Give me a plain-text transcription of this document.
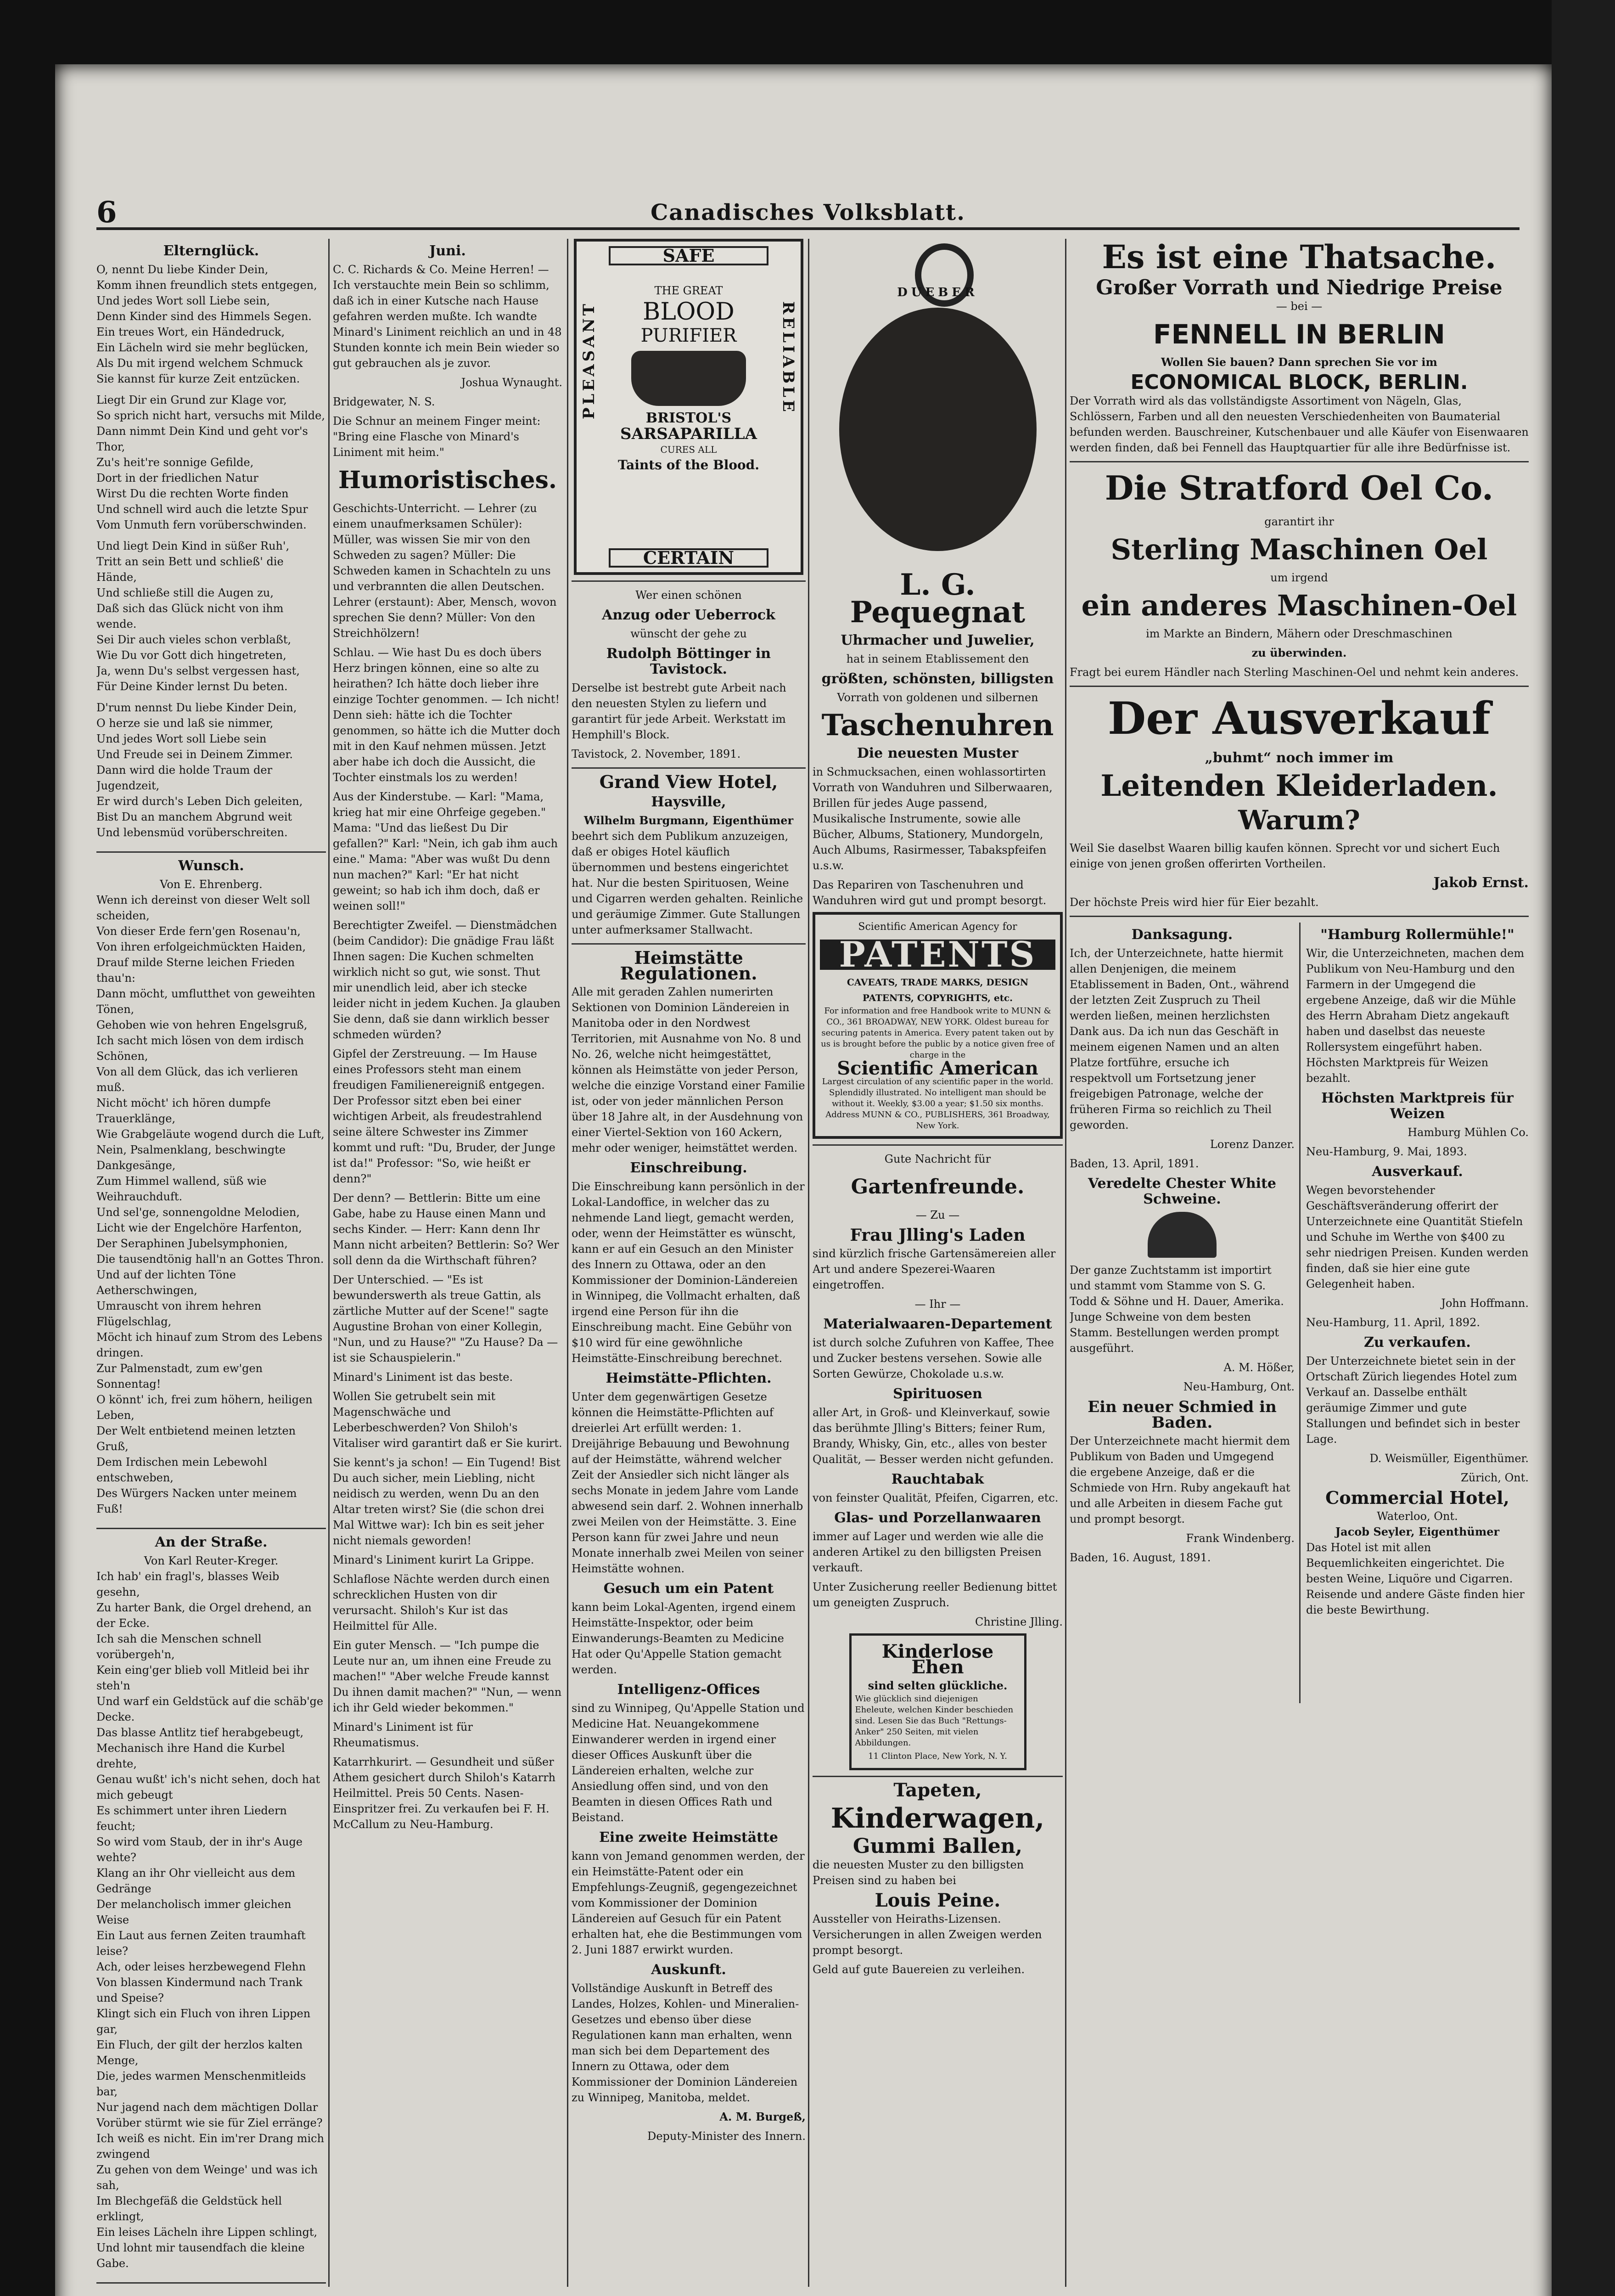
6	Canadisches Volksblatt.
Elternglück.
O, nennt Du liebe Kinder Dein,
Komm ihnen freundlich stets entgegen,
Und jedes Wort soll Liebe sein,
Denn Kinder sind des Himmels Segen.
Ein treues Wort, ein Händedruck,
Ein Lächeln wird sie mehr beglücken,
Als Du mit irgend welchem Schmuck
Sie kannst für kurze Zeit entzücken.
Liegt Dir ein Grund zur Klage vor,
So sprich nicht hart, versuchs mit Milde,
Dann nimmt Dein Kind und geht vor's Thor,
Zu's heit're sonnige Gefilde,
Dort in der friedlichen Natur
Wirst Du die rechten Worte finden
Und schnell wird auch die letzte Spur
Vom Unmuth fern vorüberschwinden.
Und liegt Dein Kind in süßer Ruh',
Tritt an sein Bett und schließ' die Hände,
Und schließe still die Augen zu,
Daß sich das Glück nicht von ihm wende.
Sei Dir auch vieles schon verblaßt,
Wie Du vor Gott dich hingetreten,
Ja, wenn Du's selbst vergessen hast,
Für Deine Kinder lernst Du beten.
D'rum nennst Du liebe Kinder Dein,
O herze sie und laß sie nimmer,
Und jedes Wort soll Liebe sein
Und Freude sei in Deinem Zimmer.
Dann wird die holde Traum der Jugendzeit,
Er wird durch's Leben Dich geleiten,
Bist Du an manchem Abgrund weit
Und lebensmüd vorüberschreiten.
Wunsch.
Von E. Ehrenberg.
Wenn ich dereinst von dieser Welt soll scheiden,
Von dieser Erde fern'gen Rosenau'n,
Von ihren erfolgeichmückten Haiden,
Drauf milde Sterne leichen Frieden thau'n:
Dann möcht, umflutthet von geweihten Tönen,
Gehoben wie von hehren Engelsgruß,
Ich sacht mich lösen von dem irdisch Schönen,
Von all dem Glück, das ich verlieren muß.
Nicht möcht' ich hören dumpfe Trauerklänge,
Wie Grabgeläute wogend durch die Luft,
Nein, Psalmenklang, beschwingte Dankgesänge,
Zum Himmel wallend, süß wie Weihrauchduft.
Und sel'ge, sonnengoldne Melodien,
Licht wie der Engelchöre Harfenton,
Der Seraphinen Jubelsymphonien,
Die tausendtönig hall'n an Gottes Thron.
Und auf der lichten Töne Aetherschwingen,
Umrauscht von ihrem hehren Flügelschlag,
Möcht ich hinauf zum Strom des Lebens dringen.
Zur Palmenstadt, zum ew'gen Sonnentag!
O könnt' ich, frei zum höhern, heiligen Leben,
Der Welt entbietend meinen letzten Gruß,
Dem Irdischen mein Lebewohl entschweben,
Des Würgers Nacken unter meinem Fuß!
An der Straße.
Von Karl Reuter-Kreger.
Ich hab' ein fragl's, blasses Weib gesehn,
Zu harter Bank, die Orgel drehend, an der Ecke.
Ich sah die Menschen schnell vorübergeh'n,
Kein eing'ger blieb voll Mitleid bei ihr steh'n
Und warf ein Geldstück auf die schäb'ge Decke.
Das blasse Antlitz tief herabgebeugt,
Mechanisch ihre Hand die Kurbel drehte,
Genau wußt' ich's nicht sehen, doch hat mich gebeugt
Es schimmert unter ihren Liedern feucht;
So wird vom Staub, der in ihr's Auge wehte?
Klang an ihr Ohr vielleicht aus dem Gedränge
Der melancholisch immer gleichen Weise
Ein Laut aus fernen Zeiten traumhaft leise?
Ach, oder leises herzbewegend Flehn
Von blassen Kindermund nach Trank und Speise?
Klingt sich ein Fluch von ihren Lippen gar,
Ein Fluch, der gilt der herzlos kalten Menge,
Die, jedes warmen Menschenmitleids bar,
Nur jagend nach dem mächtigen Dollar
Vorüber stürmt wie sie für Ziel erränge?
Ich weiß es nicht. Ein im'rer Drang mich zwingend
Zu gehen von dem Weinge' und was ich sah,
Im Blechgefäß die Geldstück hell erklingt,
Ein leises Lächeln ihre Lippen schlingt,
Und lohnt mir tausendfach die kleine Gabe.

Juni.

C. C. Richards & Co. Meine Herren! — Ich verstauchte mein Bein so schlimm, daß ich in einer Kutsche nach Hause gefahren werden mußte. Ich wandte Minard's Liniment reichlich an und in 48 Stunden konnte ich mein Bein wieder so gut gebrauchen als je zuvor.

Joshua Wynaught.

Bridgewater, N. S.

Die Schnur an meinem Finger meint: "Bring eine Flasche von Minard's Liniment mit heim."

Humoristisches.

Geschichts-Unterricht. — Lehrer (zu einem unaufmerksamen Schüler): Müller, was wissen Sie mir von den Schweden zu sagen? Müller: Die Schweden kamen in Schachteln zu uns und verbrannten die allen Deutschen. Lehrer (erstaunt): Aber, Mensch, wovon sprechen Sie denn? Müller: Von den Streichhölzern!

Schlau. — Wie hast Du es doch übers Herz bringen können, eine so alte zu heirathen? Ich hätte doch lieber ihre einzige Tochter genommen. — Ich nicht! Denn sieh: hätte ich die Tochter genommen, so hätte ich die Mutter doch mit in den Kauf nehmen müssen. Jetzt aber habe ich doch die Aussicht, die Tochter einstmals los zu werden!

Aus der Kinderstube. — Karl: "Mama, krieg hat mir eine Ohrfeige gegeben." Mama: "Und das ließest Du Dir gefallen?" Karl: "Nein, ich gab ihm auch eine." Mama: "Aber was wußt Du denn nun machen?" Karl: "Er hat nicht geweint; so hab ich ihm doch, daß er weinen soll!"

Berechtigter Zweifel. — Dienstmädchen (beim Candidor): Die gnädige Frau läßt Ihnen sagen: Die Kuchen schmelten wirklich nicht so gut, wie sonst. Thut mir unendlich leid, aber ich stecke leider nicht in jedem Kuchen. Ja glauben Sie denn, daß sie dann wirklich besser schmeden würden?

Gipfel der Zerstreuung. — Im Hause eines Professors steht man einem freudigen Familienereigniß entgegen. Der Professor sitzt eben bei einer wichtigen Arbeit, als freudestrahlend seine ältere Schwester ins Zimmer kommt und ruft: "Du, Bruder, der Junge ist da!" Professor: "So, wie heißt er denn?"

Der denn? — Bettlerin: Bitte um eine Gabe, habe zu Hause einen Mann und sechs Kinder. — Herr: Kann denn Ihr Mann nicht arbeiten? Bettlerin: So? Wer soll denn da die Wirthschaft führen?

Der Unterschied. — "Es ist bewunderswerth als treue Gattin, als zärtliche Mutter auf der Scene!" sagte Augustine Brohan von einer Kollegin, "Nun, und zu Hause?" "Zu Hause? Da — ist sie Schauspielerin."

Minard's Liniment ist das beste.

Wollen Sie getrubelt sein mit Magenschwäche und Leberbeschwerden? Von Shiloh's Vitaliser wird garantirt daß er Sie kurirt.

Sie kennt's ja schon! — Ein Tugend! Bist Du auch sicher, mein Liebling, nicht neidisch zu werden, wenn Du an den Altar treten wirst? Sie (die schon drei Mal Wittwe war): Ich bin es seit jeher nicht niemals geworden!

Minard's Liniment kurirt La Grippe.

Schlaflose Nächte werden durch einen schrecklichen Husten von dir verursacht. Shiloh's Kur ist das Heilmittel für Alle.

Ein guter Mensch. — "Ich pumpe die Leute nur an, um ihnen eine Freude zu machen!" "Aber welche Freude kannst Du ihnen damit machen?" "Nun, — wenn ich ihr Geld wieder bekommen."

Minard's Liniment ist für Rheumatismus.

Katarrhkurirt. — Gesundheit und süßer Athem gesichert durch Shiloh's Katarrh Heilmittel. Preis 50 Cents. Nasen-Einspritzer frei. Zu verkaufen bei F. H. McCallum zu Neu-Hamburg.

SAFE
PLEASANT	RELIABLE
THE GREAT
BLOOD
PURIFIER
BRISTOL'S
SARSAPARILLA
CURES ALL
Taints of the Blood.
CERTAIN

Wer einen schönen

Anzug oder Ueberrock

wünscht der gehe zu

Rudolph Böttinger in Tavistock.

Derselbe ist bestrebt gute Arbeit nach den neuesten Stylen zu liefern und garantirt für jede Arbeit. Werkstatt im Hemphill's Block.

Tavistock, 2. November, 1891.

Grand View Hotel,
Haysville,
Wilhelm Burgmann, Eigenthümer

beehrt sich dem Publikum anzuzeigen, daß er obiges Hotel käuflich übernommen und bestens eingerichtet hat. Nur die besten Spirituosen, Weine und Cigarren werden gehalten. Reinliche und geräumige Zimmer. Gute Stallungen unter aufmerksamer Stallwacht.

Heimstätte Regulationen.

Alle mit geraden Zahlen numerirten Sektionen von Dominion Ländereien in Manitoba oder in den Nordwest Territorien, mit Ausnahme von No. 8 und No. 26, welche nicht heimgestättet, können als Heimstätte von jeder Person, welche die einzige Vorstand einer Familie ist, oder von jeder männlichen Person über 18 Jahre alt, in der Ausdehnung von einer Viertel-Sektion von 160 Ackern, mehr oder weniger, heimstättet werden.

Einschreibung.

Die Einschreibung kann persönlich in der Lokal-Landoffice, in welcher das zu nehmende Land liegt, gemacht werden, oder, wenn der Heimstätter es wünscht, kann er auf ein Gesuch an den Minister des Innern zu Ottawa, oder an den Kommissioner der Dominion-Ländereien in Winnipeg, die Vollmacht erhalten, daß irgend eine Person für ihn die Einschreibung macht. Eine Gebühr von $10 wird für eine gewöhnliche Heimstätte-Einschreibung berechnet.

Heimstätte-Pflichten.

Unter dem gegenwärtigen Gesetze können die Heimstätte-Pflichten auf dreierlei Art erfüllt werden: 1. Dreijährige Bebauung und Bewohnung auf der Heimstätte, während welcher Zeit der Ansiedler sich nicht länger als sechs Monate in jedem Jahre vom Lande abwesend sein darf. 2. Wohnen innerhalb zwei Meilen von der Heimstätte. 3. Eine Person kann für zwei Jahre und neun Monate innerhalb zwei Meilen von seiner Heimstätte wohnen.

Gesuch um ein Patent

kann beim Lokal-Agenten, irgend einem Heimstätte-Inspektor, oder beim Einwanderungs-Beamten zu Medicine Hat oder Qu'Appelle Station gemacht werden.

Intelligenz-Offices

sind zu Winnipeg, Qu'Appelle Station und Medicine Hat. Neuangekommene Einwanderer werden in irgend einer dieser Offices Auskunft über die Ländereien erhalten, welche zur Ansiedlung offen sind, und von den Beamten in diesen Offices Rath und Beistand.

Eine zweite Heimstätte

kann von Jemand genommen werden, der ein Heimstätte-Patent oder ein Empfehlungs-Zeugniß, gegengezeichnet vom Kommissioner der Dominion Ländereien auf Gesuch für ein Patent erhalten hat, ehe die Bestimmungen vom 2. Juni 1887 erwirkt wurden.

Auskunft.

Vollständige Auskunft in Betreff des Landes, Holzes, Kohlen- und Mineralien-Gesetzes und ebenso über diese Regulationen kann man erhalten, wenn man sich bei dem Departement des Innern zu Ottawa, oder dem Kommissioner der Dominion Ländereien zu Winnipeg, Manitoba, meldet.

A. M. Burgeß,

Deputy-Minister des Innern.

DUEBER
L. G. Pequegnat
Uhrmacher und Juwelier,

hat in seinem Etablissement den

größten, schönsten, billigsten

Vorrath von goldenen und silbernen

Taschenuhren
Die neuesten Muster

in Schmucksachen, einen wohlassortirten Vorrath von Wanduhren und Silberwaaren, Brillen für jedes Auge passend, Musikalische Instrumente, sowie alle Bücher, Albums, Stationery, Mundorgeln, Auch Albums, Rasirmesser, Tabakspfeifen u.s.w.

Das Repariren von Taschenuhren und Wanduhren wird gut und prompt besorgt.

Scientific American Agency for
PATENTS
CAVEATS, TRADE MARKS, DESIGN PATENTS, COPYRIGHTS, etc.
For information and free Handbook write to MUNN & CO., 361 BROADWAY, NEW YORK. Oldest bureau for securing patents in America. Every patent taken out by us is brought before the public by a notice given free of charge in the
Scientific American
Largest circulation of any scientific paper in the world. Splendidly illustrated. No intelligent man should be without it. Weekly, $3.00 a year; $1.50 six months. Address MUNN & CO., PUBLISHERS, 361 Broadway, New York.

Gute Nachricht für

Gartenfreunde.

— Zu —

Frau Jlling's Laden

sind kürzlich frische Gartensämereien aller Art und andere Spezerei-Waaren eingetroffen.

— Ihr —

Materialwaaren-Departement

ist durch solche Zufuhren von Kaffee, Thee und Zucker bestens versehen. Sowie alle Sorten Gewürze, Chokolade u.s.w.

Spirituosen

aller Art, in Groß- und Kleinverkauf, sowie das berühmte Jlling's Bitters; feiner Rum, Brandy, Whisky, Gin, etc., alles von bester Qualität, — Besser werden nicht gefunden.

Rauchtabak

von feinster Qualität, Pfeifen, Cigarren, etc.

Glas- und Porzellanwaaren

immer auf Lager und werden wie alle die anderen Artikel zu den billigsten Preisen verkauft.

Unter Zusicherung reeller Bedienung bittet um geneigten Zuspruch.

Christine Jlling.

Kinderlose Ehen
sind selten glückliche.
Wie glücklich sind diejenigen Eheleute, welchen Kinder beschieden sind. Lesen Sie das Buch "Rettungs-Anker" 250 Seiten, mit vielen Abbildungen.
11 Clinton Place, New York, N. Y.
Tapeten,
Kinderwagen,
Gummi Ballen,

die neuesten Muster zu den billigsten Preisen sind zu haben bei

Louis Peine.

Aussteller von Heiraths-Lizensen. Versicherungen in allen Zweigen werden prompt besorgt.

Geld auf gute Bauereien zu verleihen.

Es ist eine Thatsache.
Großer Vorrath und Niedrige Preise

— bei —

FENNELL IN BERLIN

Wollen Sie bauen? Dann sprechen Sie vor im

ECONOMICAL BLOCK, BERLIN.

Der Vorrath wird als das vollständigste Assortiment von Nägeln, Glas, Schlössern, Farben und all den neuesten Verschiedenheiten von Baumaterial befunden werden. Bauschreiner, Kutschenbauer und alle Käufer von Eisenwaaren werden finden, daß bei Fennell das Hauptquartier für alle ihre Bedürfnisse ist.

Die Stratford Oel Co.

garantirt ihr

Sterling Maschinen Oel

um irgend

ein anderes Maschinen-Oel

im Markte an Bindern, Mähern oder Dreschmaschinen

zu überwinden.

Fragt bei eurem Händler nach Sterling Maschinen-Oel und nehmt kein anderes.

Der Ausverkauf

„buhmt“ noch immer im

Leitenden Kleiderladen.
Warum?

Weil Sie daselbst Waaren billig kaufen können. Sprecht vor und sichert Euch einige von jenen großen offerirten Vortheilen.

Jakob Ernst.

Der höchste Preis wird hier für Eier bezahlt.

Danksagung.

Ich, der Unterzeichnete, hatte hiermit allen Denjenigen, die meinem Etablissement in Baden, Ont., während der letzten Zeit Zuspruch zu Theil werden ließen, meinen herzlichsten Dank aus. Da ich nun das Geschäft in meinem eigenen Namen und an alten Platze fortführe, ersuche ich respektvoll um Fortsetzung jener freigebigen Patronage, welche der früheren Firma so reichlich zu Theil geworden.

Lorenz Danzer.

Baden, 13. April, 1891.

Veredelte Chester White Schweine.

Der ganze Zuchtstamm ist importirt und stammt vom Stamme von S. G. Todd & Söhne und H. Dauer, Amerika. Junge Schweine von dem besten Stamm. Bestellungen werden prompt ausgeführt.

A. M. Hößer,

Neu-Hamburg, Ont.

Ein neuer Schmied in Baden.

Der Unterzeichnete macht hiermit dem Publikum von Baden und Umgegend die ergebene Anzeige, daß er die Schmiede von Hrn. Ruby angekauft hat und alle Arbeiten in diesem Fache gut und prompt besorgt.

Frank Windenberg.

Baden, 16. August, 1891.

"Hamburg Rollermühle!"

Wir, die Unterzeichneten, machen dem Publikum von Neu-Hamburg und den Farmern in der Umgegend die ergebene Anzeige, daß wir die Mühle des Herrn Abraham Dietz angekauft haben und daselbst das neueste Rollersystem eingeführt haben. Höchsten Marktpreis für Weizen bezahlt.

Höchsten Marktpreis für Weizen

Hamburg Mühlen Co.

Neu-Hamburg, 9. Mai, 1893.

Ausverkauf.

Wegen bevorstehender Geschäftsveränderung offerirt der Unterzeichnete eine Quantität Stiefeln und Schuhe im Werthe von $400 zu sehr niedrigen Preisen. Kunden werden finden, daß sie hier eine gute Gelegenheit haben.

John Hoffmann.

Neu-Hamburg, 11. April, 1892.

Zu verkaufen.

Der Unterzeichnete bietet sein in der Ortschaft Zürich liegendes Hotel zum Verkauf an. Dasselbe enthält geräumige Zimmer und gute Stallungen und befindet sich in bester Lage.

D. Weismüller, Eigenthümer.

Zürich, Ont.

Commercial Hotel,
Waterloo, Ont.
Jacob Seyler, Eigenthümer

Das Hotel ist mit allen Bequemlichkeiten eingerichtet. Die besten Weine, Liquöre und Cigarren. Reisende und andere Gäste finden hier die beste Bewirthung.
